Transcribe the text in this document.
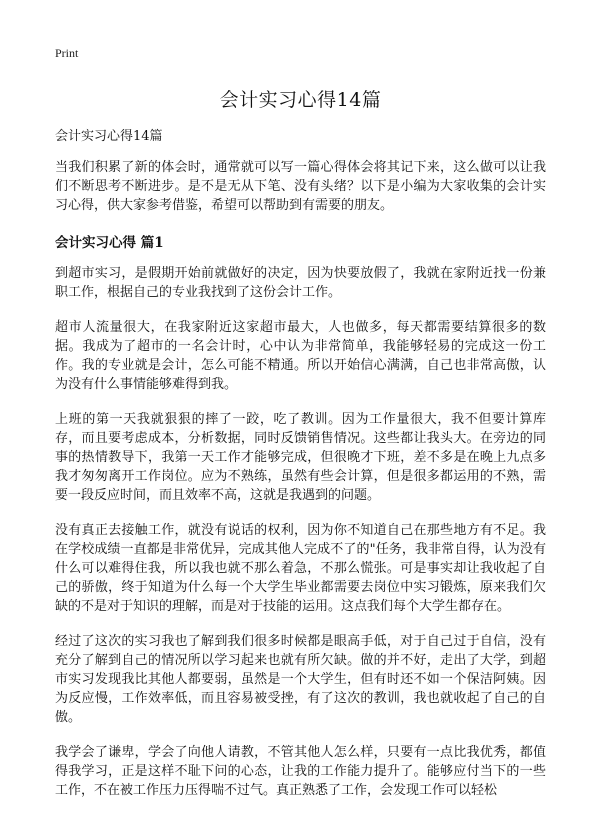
Print

会计实习心得14篇

会计实习心得14篇

当我们积累了新的体会时，通常就可以写一篇心得体会将其记下来，这么做可以让我们不断思考不断进步。是不是无从下笔、没有头绪？以下是小编为大家收集的会计实习心得，供大家参考借鉴，希望可以帮助到有需要的朋友。

会计实习心得 篇1

到超市实习，是假期开始前就做好的决定，因为快要放假了，我就在家附近找一份兼职工作，根据自己的专业我找到了这份会计工作。

超市人流量很大，在我家附近这家超市最大，人也做多，每天都需要结算很多的数据。我成为了超市的一名会计时，心中认为非常简单，我能够轻易的完成这一份工作。我的专业就是会计，怎么可能不精通。所以开始信心满满，自己也非常高傲，认为没有什么事情能够难得到我。

上班的第一天我就狠狠的摔了一跤，吃了教训。因为工作量很大，我不但要计算库存，而且要考虑成本，分析数据，同时反馈销售情况。这些都让我头大。在旁边的同事的热情教导下，我第一天工作才能够完成，但很晚才下班，差不多是在晚上九点多我才匆匆离开工作岗位。应为不熟练，虽然有些会计算，但是很多都运用的不熟，需要一段反应时间，而且效率不高，这就是我遇到的问题。

没有真正去接触工作，就没有说话的权利，因为你不知道自己在那些地方有不足。我在学校成绩一直都是非常优异，完成其他人完成不了的"任务，我非常自得，认为没有什么可以难得住我，所以我也就不那么着急，不那么慌张。可是事实却让我收起了自己的骄傲，终于知道为什么每一个大学生毕业都需要去岗位中实习锻炼，原来我们欠缺的不是对于知识的理解，而是对于技能的运用。这点我们每个大学生都存在。

经过了这次的实习我也了解到我们很多时候都是眼高手低，对于自己过于自信，没有充分了解到自己的情况所以学习起来也就有所欠缺。做的并不好，走出了大学，到超市实习发现我比其他人都要弱，虽然是一个大学生，但有时还不如一个保洁阿姨。因为反应慢，工作效率低，而且容易被受挫，有了这次的教训，我也就收起了自己的自傲。

我学会了谦卑，学会了向他人请教，不管其他人怎么样，只要有一点比我优秀，都值得我学习，正是这样不耻下问的心态，让我的工作能力提升了。能够应付当下的一些工作，不在被工作压力压得喘不过气。真正熟悉了工作，会发现工作可以轻松
